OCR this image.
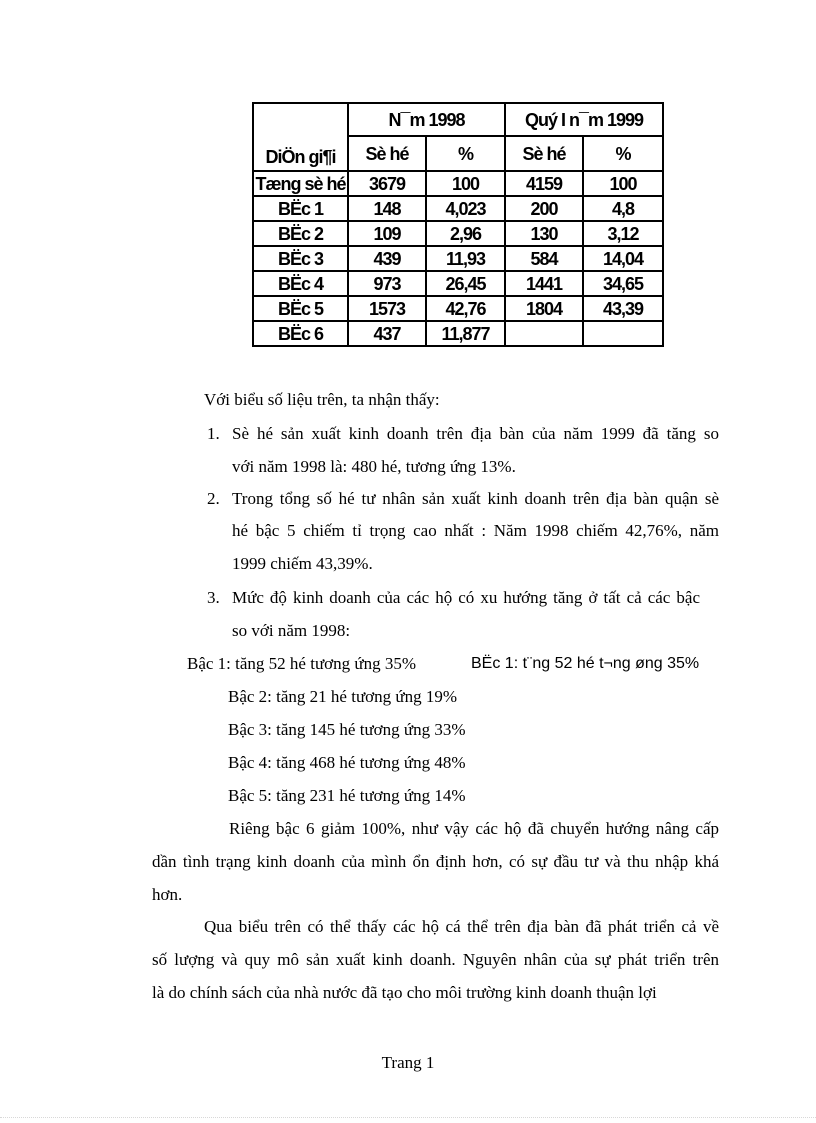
	N¯m 1998		Quý I n¯m 1999	
DiÖn gi¶i	Sè hé	%	Sè hé	%
Tæng sè hé	3679	100	4159	100
BËc 1	148	4,023	200	4,8
BËc 2	109	2,96	130	3,12
BËc 3	439	11,93	584	14,04
BËc 4	973	26,45	1441	34,65
BËc 5	1573	42,76	1804	43,39
BËc 6	437	11,877		
Với biểu số liệu trên, ta nhận thấy:
1. Sè hé sản xuất kinh doanh trên địa bàn của năm 1999 đã tăng so
với năm 1998 là: 480 hé, tương ứng 13%.
2. Trong tổng số hé tư nhân sản xuất kinh doanh trên địa bàn quận sè
hé bậc 5 chiếm tỉ trọng cao nhất : Năm 1998 chiếm 42,76%, năm
1999 chiếm 43,39%.
3. Mức độ kinh doanh của các hộ có xu hướng tăng ở tất cả các bậc
so với năm 1998:
Bậc 1: tăng 52 hé tương ứng 35%	BËc 1: t¨ng 52 hé t¬ng øng 35%
Bậc 2: tăng 21 hé tương ứng 19%
Bậc 3: tăng 145 hé tương ứng 33%
Bậc 4: tăng 468 hé tương ứng 48%
Bậc 5: tăng 231 hé tương ứng 14%
Riêng bậc 6 giảm 100%, như vậy các hộ đã chuyển hướng nâng cấp
dần tình trạng kinh doanh của mình ổn định hơn, có sự đầu tư và thu nhập khá
hơn.
Qua biểu trên có thể thấy các hộ cá thể trên địa bàn đã phát triển cả về
số lượng và quy mô sản xuất kinh doanh. Nguyên nhân của sự phát triển trên
là do chính sách của nhà nước đã tạo cho môi trường kinh doanh thuận lợi
Trang 1
